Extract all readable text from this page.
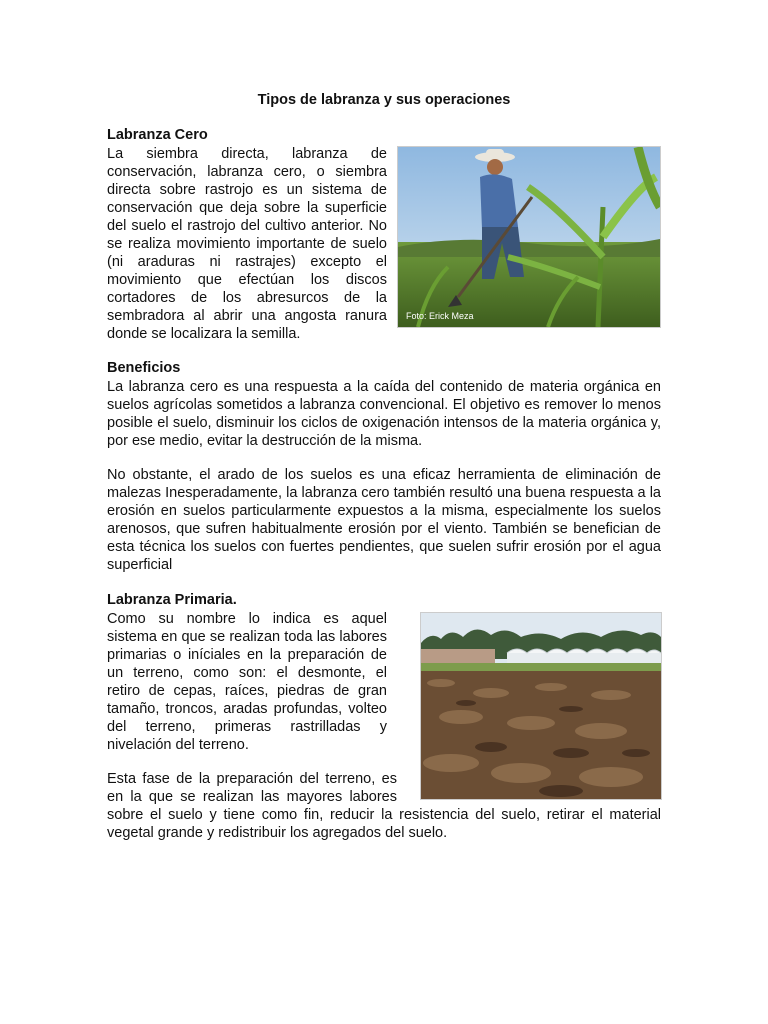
Tipos de labranza y sus operaciones
Labranza Cero

La siembra directa, labranza de conservación, labranza cero, o siembra directa sobre rastrojo es un sistema de conservación que deja sobre la superficie del suelo el rastrojo del cultivo anterior. No se realiza movimiento importante de suelo (ni araduras ni rastrajes) excepto el movimiento que efectúan los discos cortadores de los abresurcos de la sembradora al abrir una angosta ranura donde se localizara la semilla.

Foto: Erick Meza
Beneficios

La labranza cero es una respuesta a la caída del contenido de materia orgánica en suelos agrícolas sometidos a labranza convencional. El objetivo es remover lo menos posible el suelo, disminuir los ciclos de oxigenación intensos de la materia orgánica y, por ese medio, evitar la destrucción de la misma.

No obstante, el arado de los suelos es una eficaz herramienta de eliminación de malezas Inesperadamente, la labranza cero también resultó una buena respuesta a la erosión en suelos particularmente expuestos a la misma, especialmente los suelos arenosos, que sufren habitualmente erosión por el viento. También se benefician de esta técnica los suelos con fuertes pendientes, que suelen sufrir erosión por el agua superficial

Labranza Primaria.

Como su nombre lo indica es aquel sistema en que se realizan toda las labores primarias o iníciales en la preparación de un terreno, como son: el desmonte, el retiro de cepas, raíces, piedras de gran tamaño, troncos, aradas profundas, volteo del terreno, primeras rastrilladas y nivelación del terreno.

Esta fase de la preparación del terreno, es en la que se realizan las mayores labores sobre el suelo y tiene como fin, reducir la resistencia del suelo, retirar el material vegetal grande y redistribuir los agregados del suelo.
